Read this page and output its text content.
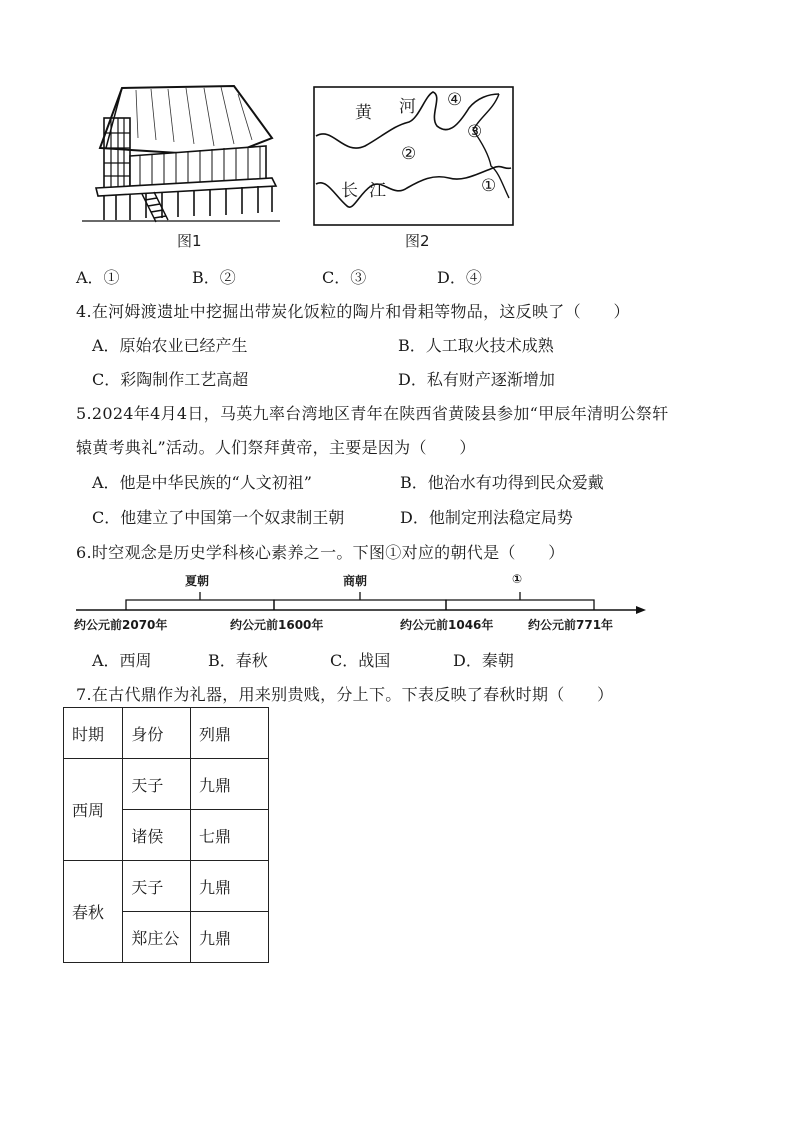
图1
黄 河 ④
③
②
长 江	①
图2
A．①	B．②	C．③	D．④
4.在河姆渡遗址中挖掘出带炭化饭粒的陶片和骨耜等物品，这反映了（　　）
A．原始农业已经产生	B．人工取火技术成熟
C．彩陶制作工艺高超	D．私有财产逐渐增加
5.2024年4月4日，马英九率台湾地区青年在陕西省黄陵县参加“甲辰年清明公祭轩
辕黄考典礼”活动。人们祭拜黄帝，主要是因为（　　）
A．他是中华民族的“人文初祖”	B．他治水有功得到民众爱戴
C．他建立了中国第一个奴隶制王朝	D．他制定刑法稳定局势
6.时空观念是历史学科核心素养之一。下图①对应的朝代是（　　）
夏朝	商朝	①
约公元前2070年	约公元前1600年	约公元前1046年	约公元前771年
A．西周	B．春秋	C．战国	D．秦朝
7.在古代鼎作为礼器，用来别贵贱，分上下。下表反映了春秋时期（　　）
时期	身份	列鼎
西周	天子	九鼎
	诸侯	七鼎
春秋	天子	九鼎
	郑庄公	九鼎
